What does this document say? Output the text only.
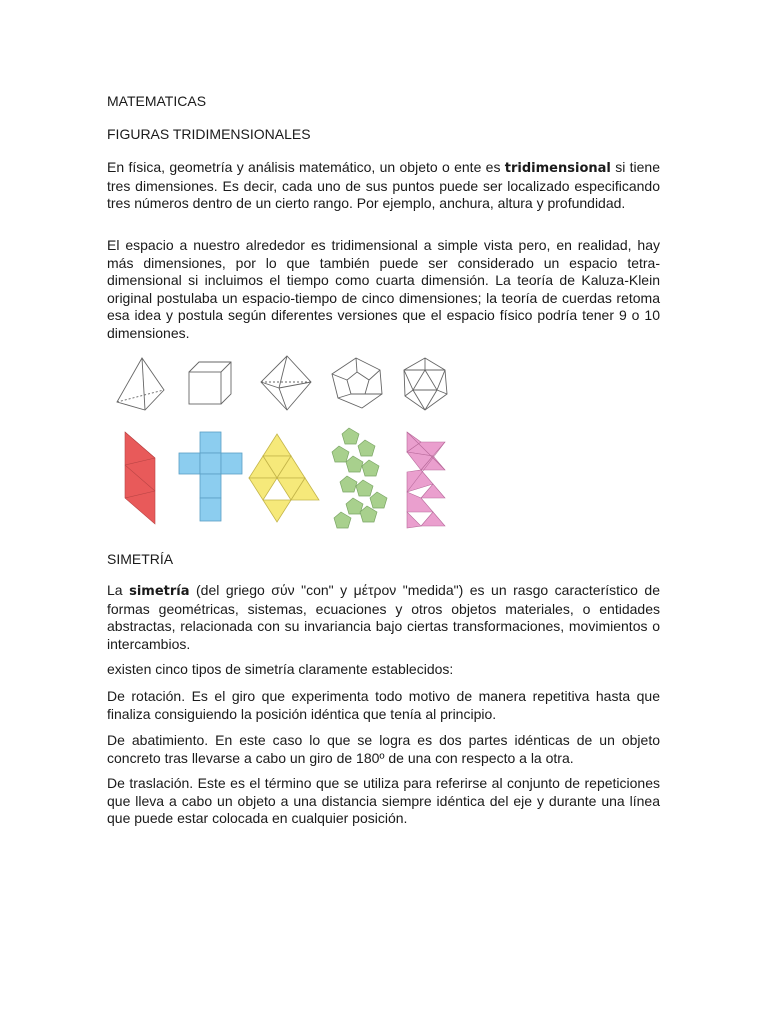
MATEMATICAS

FIGURAS TRIDIMENSIONALES

En física, geometría y análisis matemático, un objeto o ente es tridimensional si tiene tres dimensiones. Es decir, cada uno de sus puntos puede ser localizado especificando tres números dentro de un cierto rango. Por ejemplo, anchura, altura y profundidad.

El espacio a nuestro alrededor es tridimensional a simple vista pero, en realidad, hay más dimensiones, por lo que también puede ser considerado un espacio tetra-dimensional si incluimos el tiempo como cuarta dimensión. La teoría de Kaluza-Klein original postulaba un espacio-tiempo de cinco dimensiones; la teoría de cuerdas retoma esa idea y postula según diferentes versiones que el espacio físico podría tener 9 o 10 dimensiones.

SIMETRÍA

La simetría (del griego σύν "con" y μέτρον "medida") es un rasgo característico de formas geométricas, sistemas, ecuaciones y otros objetos materiales, o entidades abstractas, relacionada con su invariancia bajo ciertas transformaciones, movimientos o intercambios.

existen cinco tipos de simetría claramente establecidos:

De rotación. Es el giro que experimenta todo motivo de manera repetitiva hasta que finaliza consiguiendo la posición idéntica que tenía al principio.

De abatimiento. En este caso lo que se logra es dos partes idénticas de un objeto concreto tras llevarse a cabo un giro de 180º de una con respecto a la otra.

De traslación. Este es el término que se utiliza para referirse al conjunto de repeticiones que lleva a cabo un objeto a una distancia siempre idéntica del eje y durante una línea que puede estar colocada en cualquier posición.
